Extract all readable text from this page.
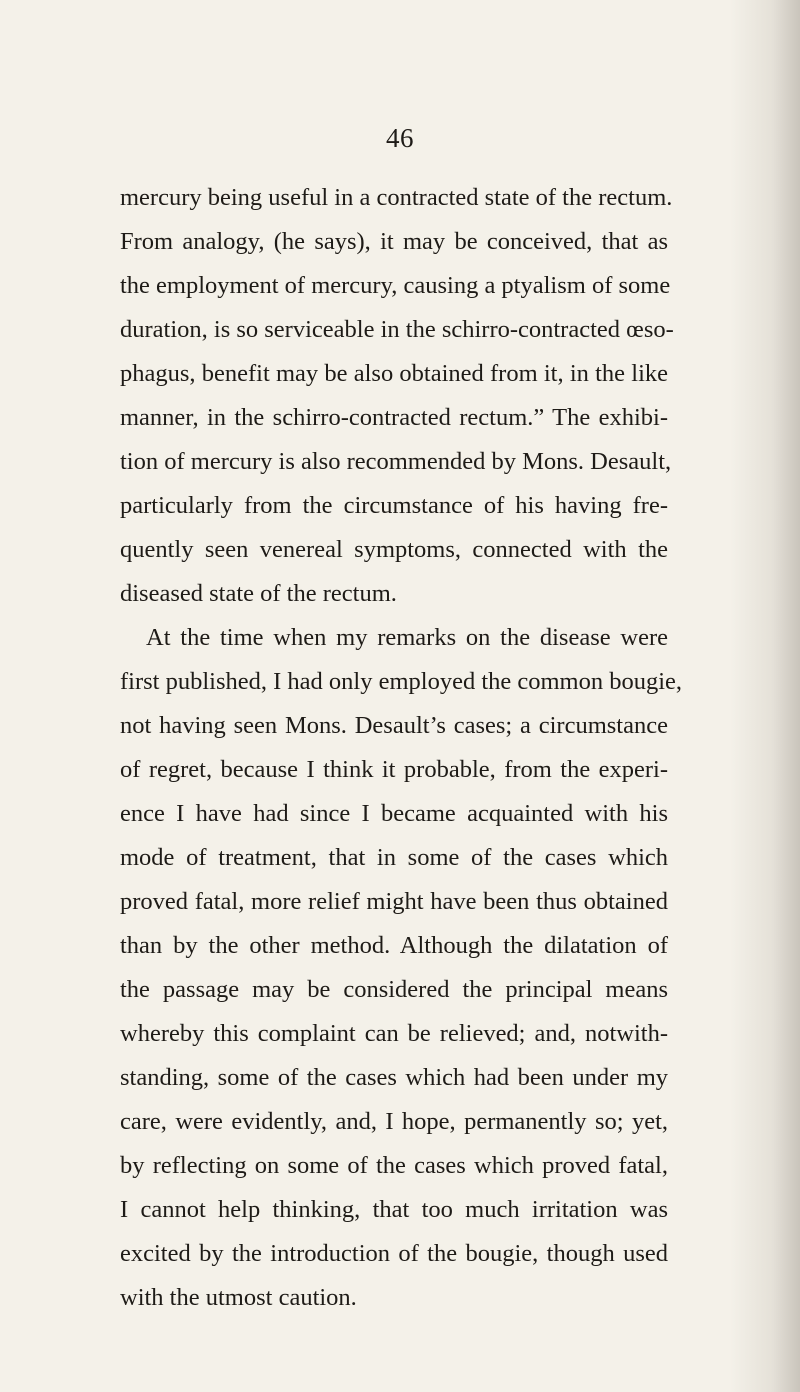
46
mercury being useful in a contracted state of the rectum.
From analogy, (he says), it may be conceived, that as
the employment of mercury, causing a ptyalism of some
duration, is so serviceable in the schirro-contracted œso-
phagus, benefit may be also obtained from it, in the like
manner, in the schirro-contracted rectum.” The exhibi-
tion of mercury is also recommended by Mons. Desault,
particularly from the circumstance of his having fre-
quently seen venereal symptoms, connected with the
diseased state of the rectum.
At the time when my remarks on the disease were
first published, I had only employed the common bougie,
not having seen Mons. Desault’s cases; a circumstance
of regret, because I think it probable, from the experi-
ence I have had since I became acquainted with his
mode of treatment, that in some of the cases which
proved fatal, more relief might have been thus obtained
than by the other method. Although the dilatation of
the passage may be considered the principal means
whereby this complaint can be relieved; and, notwith-
standing, some of the cases which had been under my
care, were evidently, and, I hope, permanently so; yet,
by reflecting on some of the cases which proved fatal,
I cannot help thinking, that too much irritation was
excited by the introduction of the bougie, though used
with the utmost caution.
